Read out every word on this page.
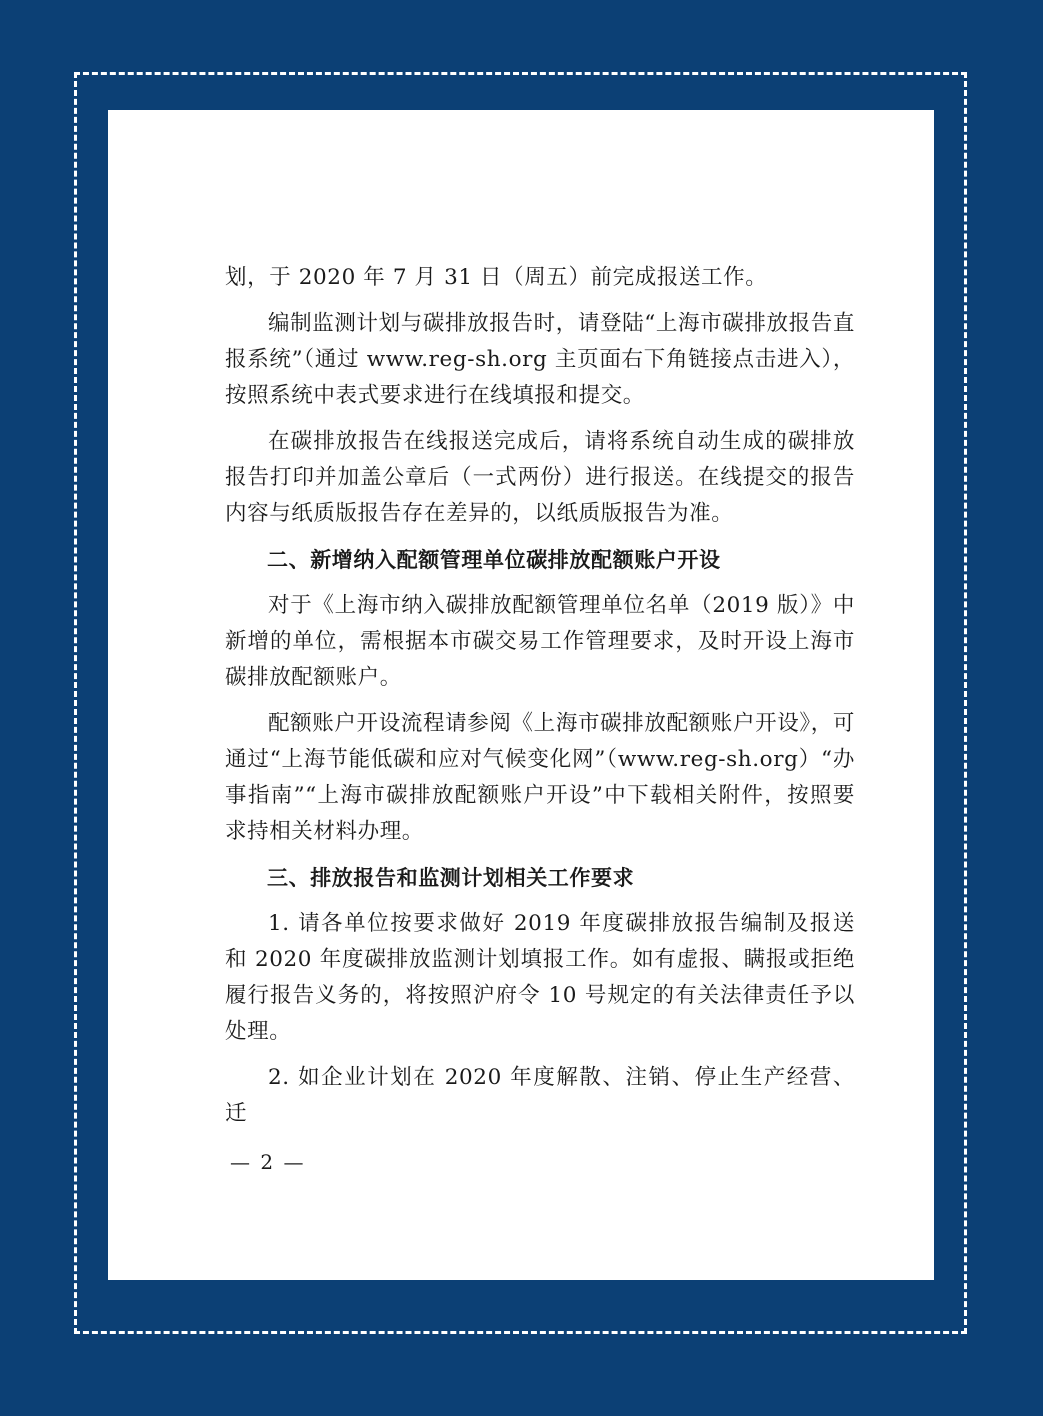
划，于 2020 年 7 月 31 日（周五）前完成报送工作。

编制监测计划与碳排放报告时，请登陆“上海市碳排放报告直报系统”（通过 www.reg-sh.org 主页面右下角链接点击进入），按照系统中表式要求进行在线填报和提交。

在碳排放报告在线报送完成后，请将系统自动生成的碳排放报告打印并加盖公章后（一式两份）进行报送。在线提交的报告内容与纸质版报告存在差异的，以纸质版报告为准。

二、新增纳入配额管理单位碳排放配额账户开设

对于《上海市纳入碳排放配额管理单位名单（2019 版）》中新增的单位，需根据本市碳交易工作管理要求，及时开设上海市碳排放配额账户。

配额账户开设流程请参阅《上海市碳排放配额账户开设》，可通过“上海节能低碳和应对气候变化网”（www.reg-sh.org）“办事指南”“上海市碳排放配额账户开设”中下载相关附件，按照要求持相关材料办理。

三、排放报告和监测计划相关工作要求

1. 请各单位按要求做好 2019 年度碳排放报告编制及报送和 2020 年度碳排放监测计划填报工作。如有虚报、瞒报或拒绝履行报告义务的，将按照沪府令 10 号规定的有关法律责任予以处理。

2. 如企业计划在 2020 年度解散、注销、停止生产经营、迁

— 2 —
